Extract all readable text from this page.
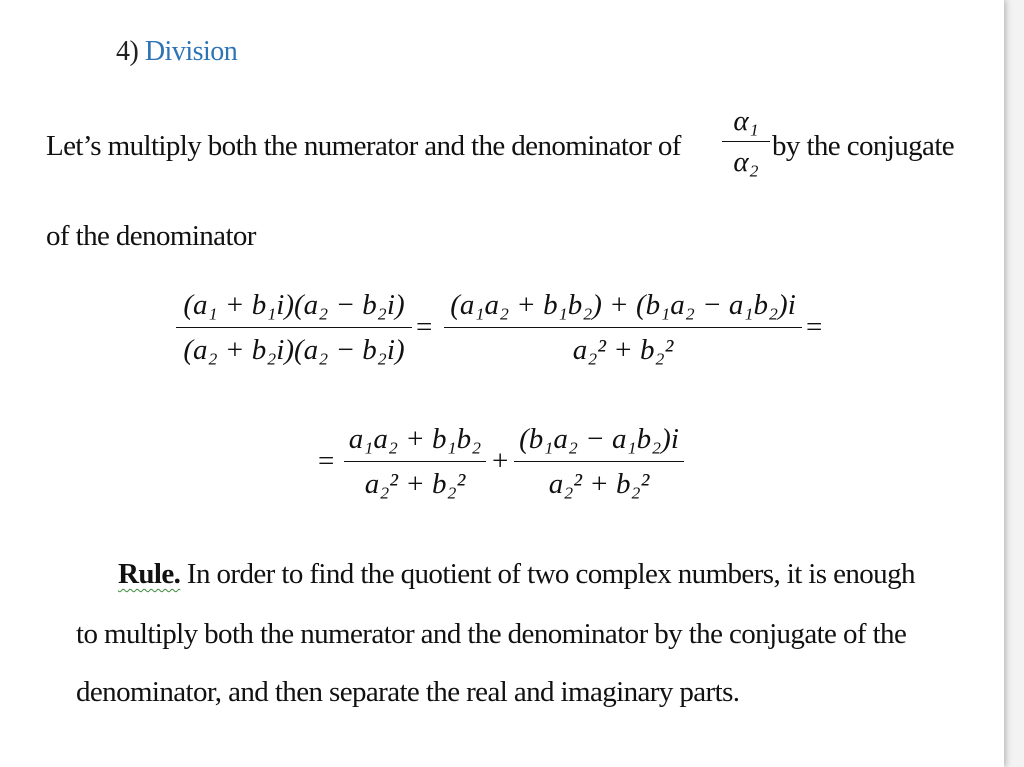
4) Division
Let’s multiply both the numerator and the denominator of
α₁
α₂ by the conjugate
of the denominator
(a₁ + b₁i)(a₂ − b₂i)
(a₂ + b₂i)(a₂ − b₂i)
=
(a₁a₂ + b₁b₂) + (b₁a₂ − a₁b₂)i
a₂² + b₂²
=
=
a₁a₂ + b₁b₂
a₂² + b₂²
+
(b₁a₂ − a₁b₂)i
a₂² + b₂²
Rule. In order to find the quotient of two complex numbers, it is enough
to multiply both the numerator and the denominator by the conjugate of the
denominator, and then separate the real and imaginary parts.
